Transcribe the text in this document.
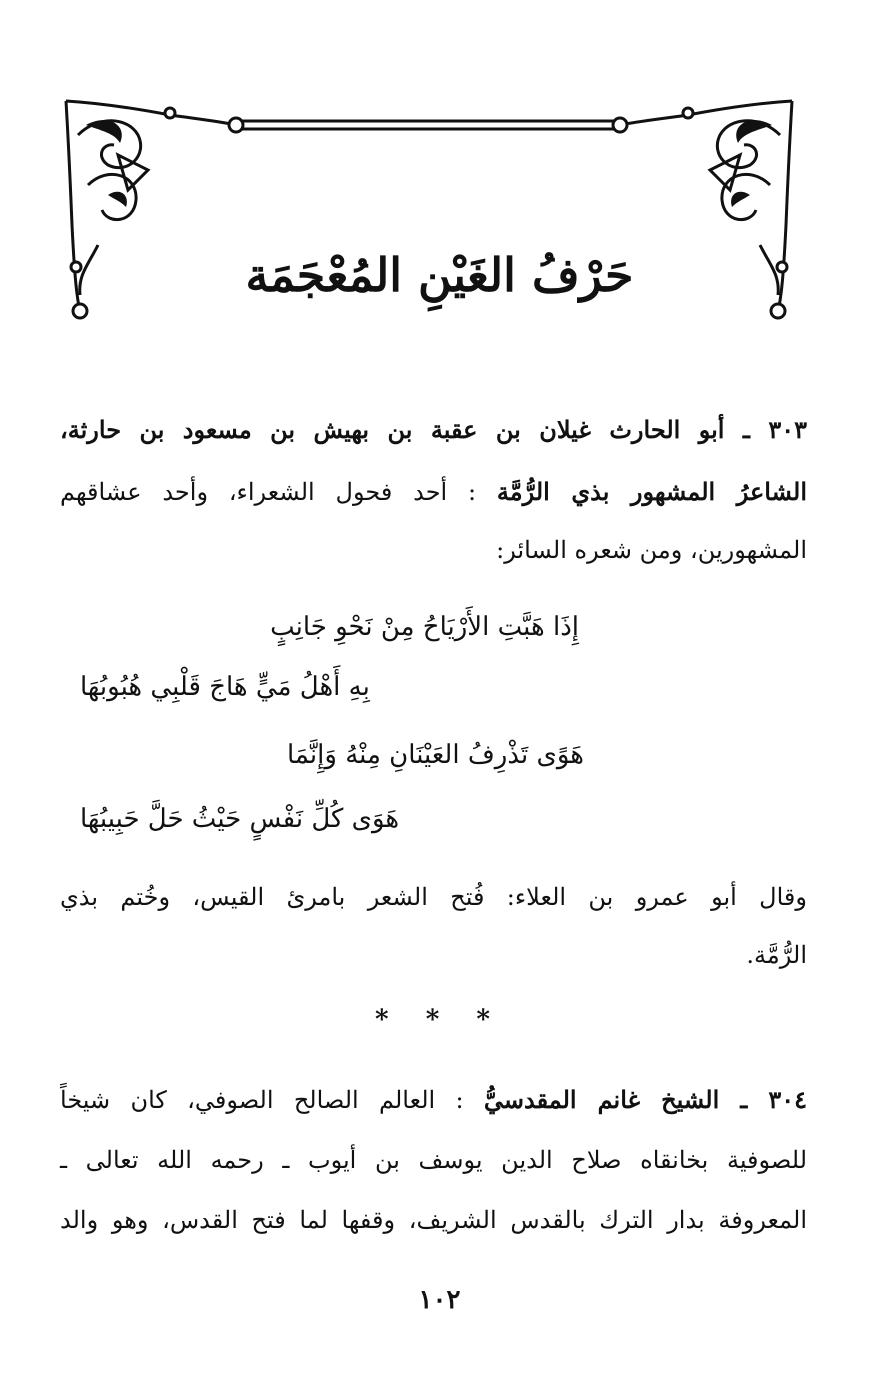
حَرْفُ الغَيْنِ المُعْجَمَة
٣٠٣ ـ أبو الحارث غيلان بن عقبة بن بهيش بن مسعود بن حارثة،
الشاعرُ المشهور بذي الرُّمَّة : أحد فحول الشعراء، وأحد عشاقهم
المشهورين، ومن شعره السائر:
إِذَا هَبَّتِ الأَرْيَاحُ مِنْ نَحْوِ جَانِبٍ
بِهِ أَهْلُ مَيٍّ هَاجَ قَلْبِي هُبُوبُهَا
هَوًى تَذْرِفُ العَيْنَانِ مِنْهُ وَإِنَّمَا
هَوَى كُلِّ نَفْسٍ حَيْثُ حَلَّ حَبِيبُهَا
وقال أبو عمرو بن العلاء: فُتح الشعر بامرئ القيس، وخُتم بذي
الرُّمَّة.
* * *
٣٠٤ ـ الشيخ غانم المقدسيُّ : العالم الصالح الصوفي، كان شيخاً
للصوفية بخانقاه صلاح الدين يوسف بن أيوب ـ رحمه الله تعالى ـ
المعروفة بدار الترك بالقدس الشريف، وقفها لما فتح القدس، وهو والد
١٠٢
